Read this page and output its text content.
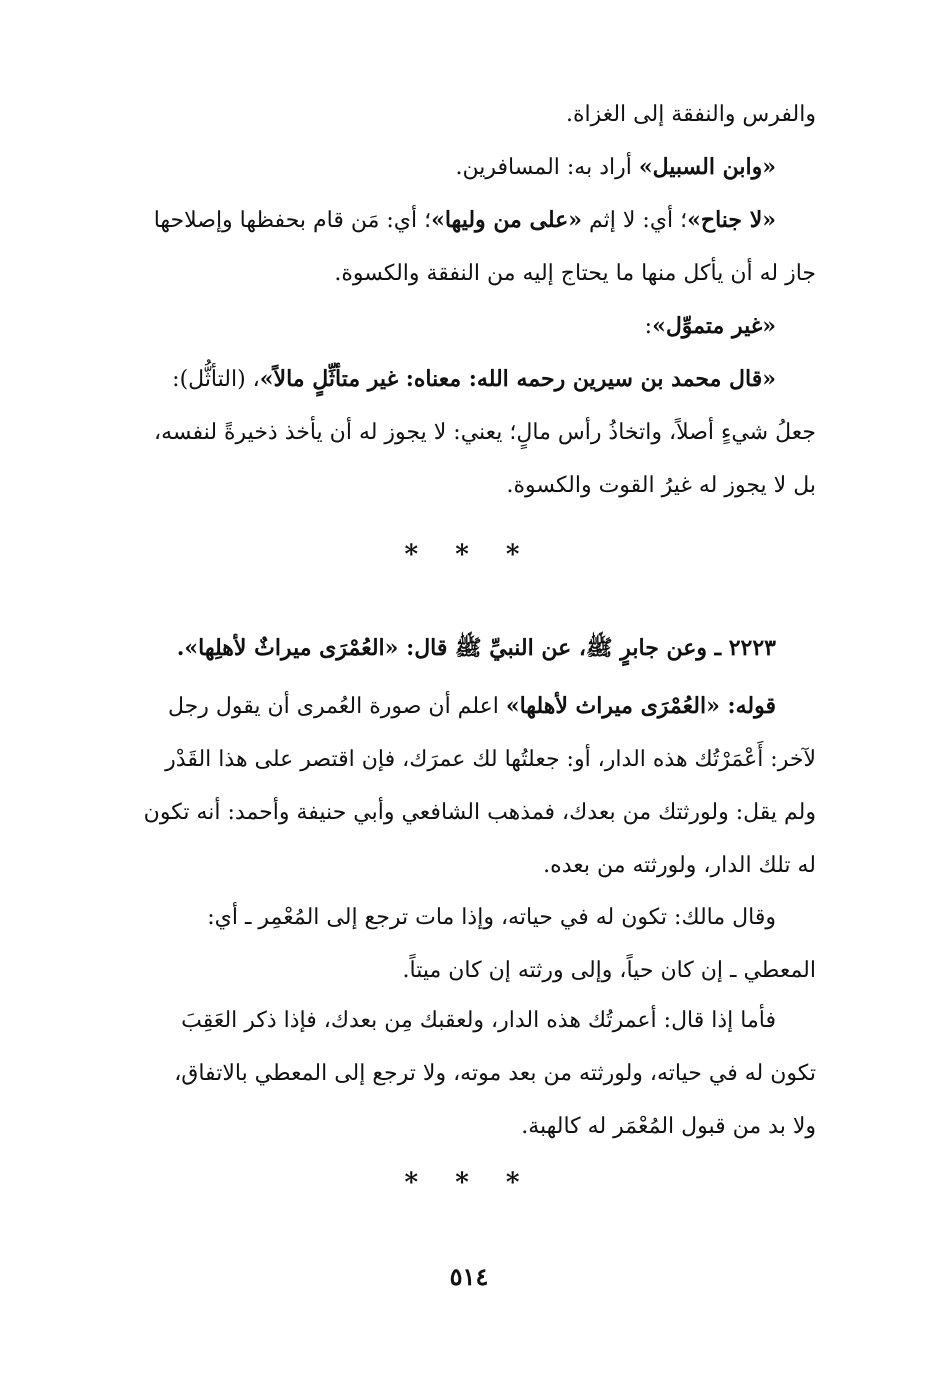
والفرس والنفقة إلى الغزاة.
«وابن السبيل» أراد به: المسافرين.
«لا جناح»؛ أي: لا إثم «على من وليها»؛ أي: مَن قام بحفظها وإصلاحها
جاز له أن يأكل منها ما يحتاج إليه من النفقة والكسوة.
«غير متموِّل»:
«قال محمد بن سيرين رحمه الله: معناه: غير متأثِّلٍ مالاً»، (التأثُّل):
جعلُ شيءٍ أصلاً، واتخاذُ رأس مالٍ؛ يعني: لا يجوز له أن يأخذ ذخيرةً لنفسه،
بل لا يجوز له غيرُ القوت والكسوة.
* * *
٢٢٢٣ ـ وعن جابرٍ ﷺ، عن النبيِّ ﷺ قال: «العُمْرَى ميراثٌ لأهلِها».
قوله: «العُمْرَى ميراث لأهلها» اعلم أن صورة العُمرى أن يقول رجل
لآخر: أَعْمَرْتُك هذه الدار، أو: جعلتُها لك عمرَك، فإن اقتصر على هذا القَدْر
ولم يقل: ولورثتك من بعدك، فمذهب الشافعي وأبي حنيفة وأحمد: أنه تكون
له تلك الدار، ولورثته من بعده.
وقال مالك: تكون له في حياته، وإذا مات ترجع إلى المُعْمِر ـ أي:
المعطي ـ إن كان حياً، وإلى ورثته إن كان ميتاً.
فأما إذا قال: أعمرتُك هذه الدار، ولعقبك مِن بعدك، فإذا ذكر العَقِبَ
تكون له في حياته، ولورثته من بعد موته، ولا ترجع إلى المعطي بالاتفاق،
ولا بد من قبول المُعْمَر له كالهبة.
* * *
٥١٤
